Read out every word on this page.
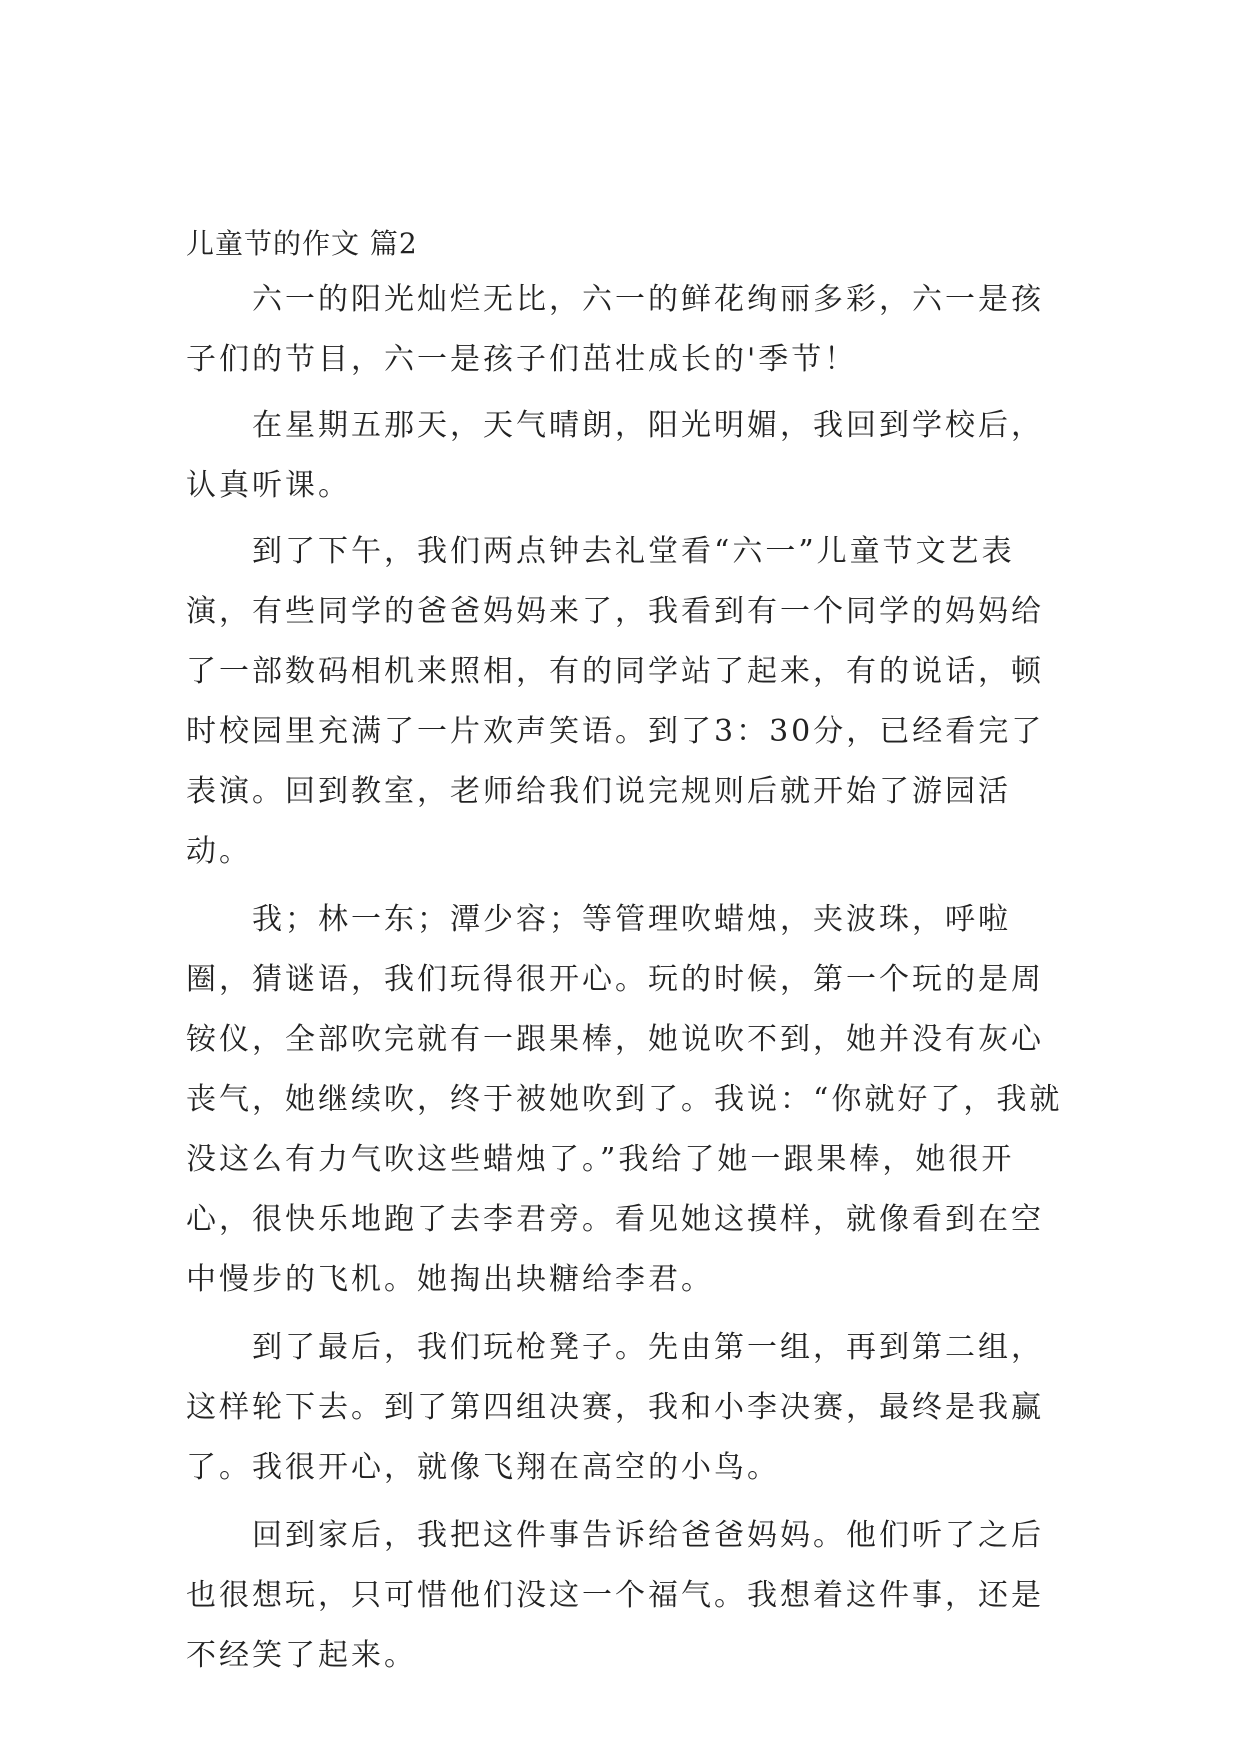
儿童节的作文 篇2

六一的阳光灿烂无比，六一的鲜花绚丽多彩，六一是孩子们的节目，六一是孩子们茁壮成长的'季节！

在星期五那天，天气晴朗，阳光明媚，我回到学校后，认真听课。

到了下午，我们两点钟去礼堂看“六一”儿童节文艺表演，有些同学的爸爸妈妈来了，我看到有一个同学的妈妈给了一部数码相机来照相，有的同学站了起来，有的说话，顿时校园里充满了一片欢声笑语。到了3：30分，已经看完了表演。回到教室，老师给我们说完规则后就开始了游园活动。

我；林一东；潭少容；等管理吹蜡烛，夹波珠，呼啦圈，猜谜语，我们玩得很开心。玩的时候，第一个玩的是周铵仪，全部吹完就有一跟果棒，她说吹不到，她并没有灰心丧气，她继续吹，终于被她吹到了。我说：“你就好了，我就没这么有力气吹这些蜡烛了。”我给了她一跟果棒，她很开心，很快乐地跑了去李君旁。看见她这摸样，就像看到在空中慢步的飞机。她掏出块糖给李君。

到了最后，我们玩枪凳子。先由第一组，再到第二组，这样轮下去。到了第四组决赛，我和小李决赛，最终是我赢了。我很开心，就像飞翔在高空的小鸟。

回到家后，我把这件事告诉给爸爸妈妈。他们听了之后也很想玩，只可惜他们没这一个福气。我想着这件事，还是不经笑了起来。
